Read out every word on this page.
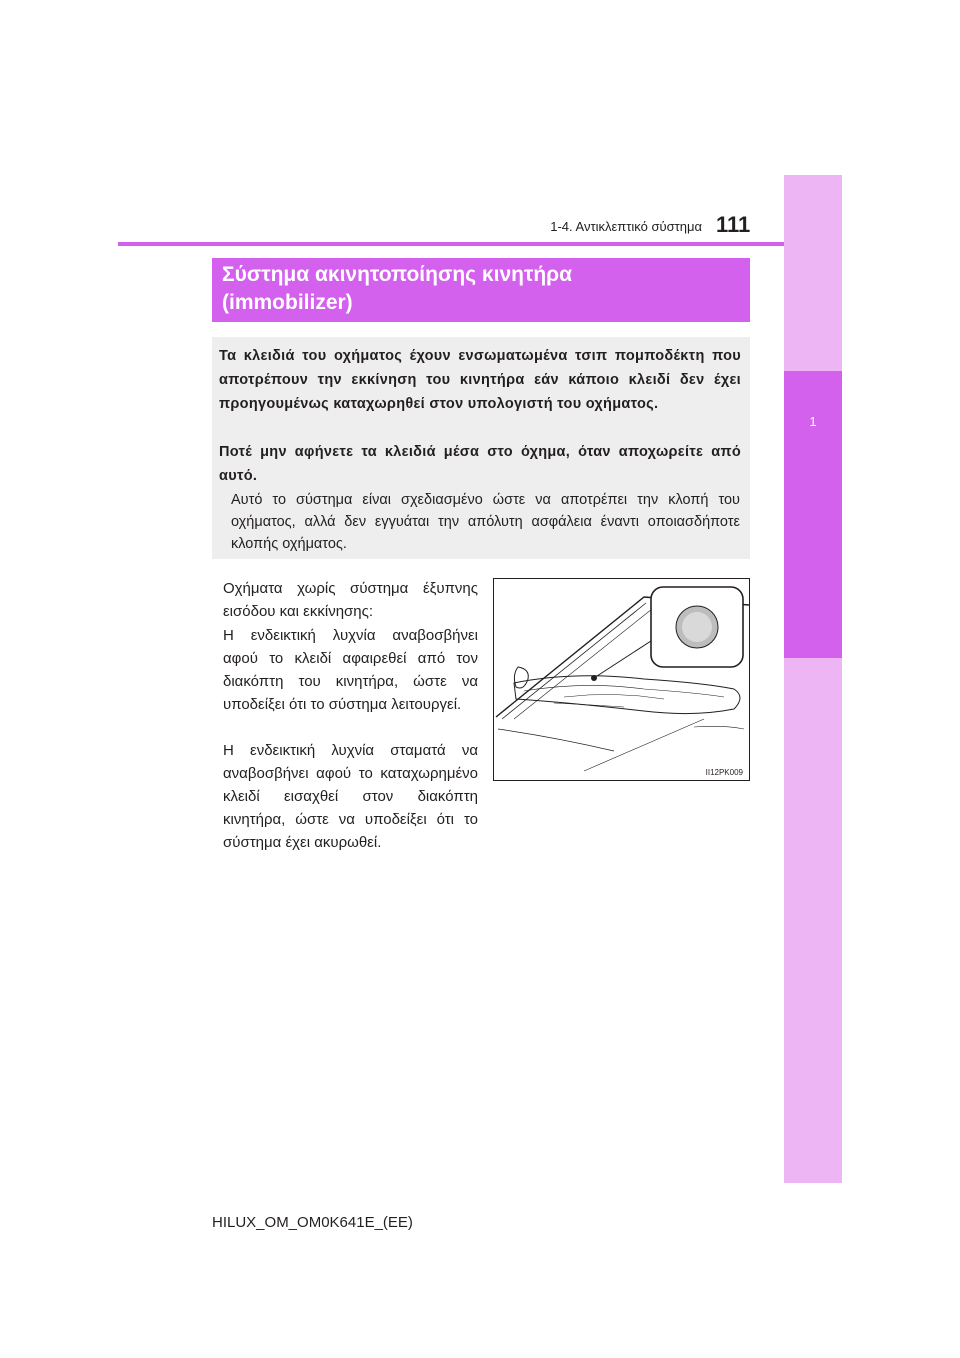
1
Για ασφάλεια και προστασία
1-4. Αντικλεπτικό σύστημα 111
Σύστημα ακινητοποίησης κινητήρα
(immobilizer)
Τα κλειδιά του οχήματος έχουν ενσωματωμένα τσιπ πομποδέκτη που αποτρέπουν την εκκίνηση του κινητήρα εάν κάποιο κλειδί δεν έχει προηγουμένως καταχωρηθεί στον υπολογιστή του οχήματος.
Ποτέ μην αφήνετε τα κλειδιά μέσα στο όχημα, όταν αποχωρείτε από αυτό.
Αυτό το σύστημα είναι σχεδιασμένο ώστε να αποτρέπει την κλοπή του οχήματος, αλλά δεν εγγυάται την απόλυτη ασφάλεια έναντι οποιασδήποτε κλοπής οχήματος.
Οχήματα χωρίς σύστημα έξυπνης εισόδου και εκκίνησης:
Η ενδεικτική λυχνία αναβοσβήνει αφού το κλειδί αφαιρεθεί από τον διακόπτη του κινητήρα, ώστε να υποδείξει ότι το σύστημα λειτουργεί.
Η ενδεικτική λυχνία σταματά να αναβοσβήνει αφού το καταχωρημένο κλειδί εισαχθεί στον διακόπτη κινητήρα, ώστε να υποδείξει ότι το σύστημα έχει ακυρωθεί.
II12PK009
HILUX_OM_OM0K641E_(EE)
